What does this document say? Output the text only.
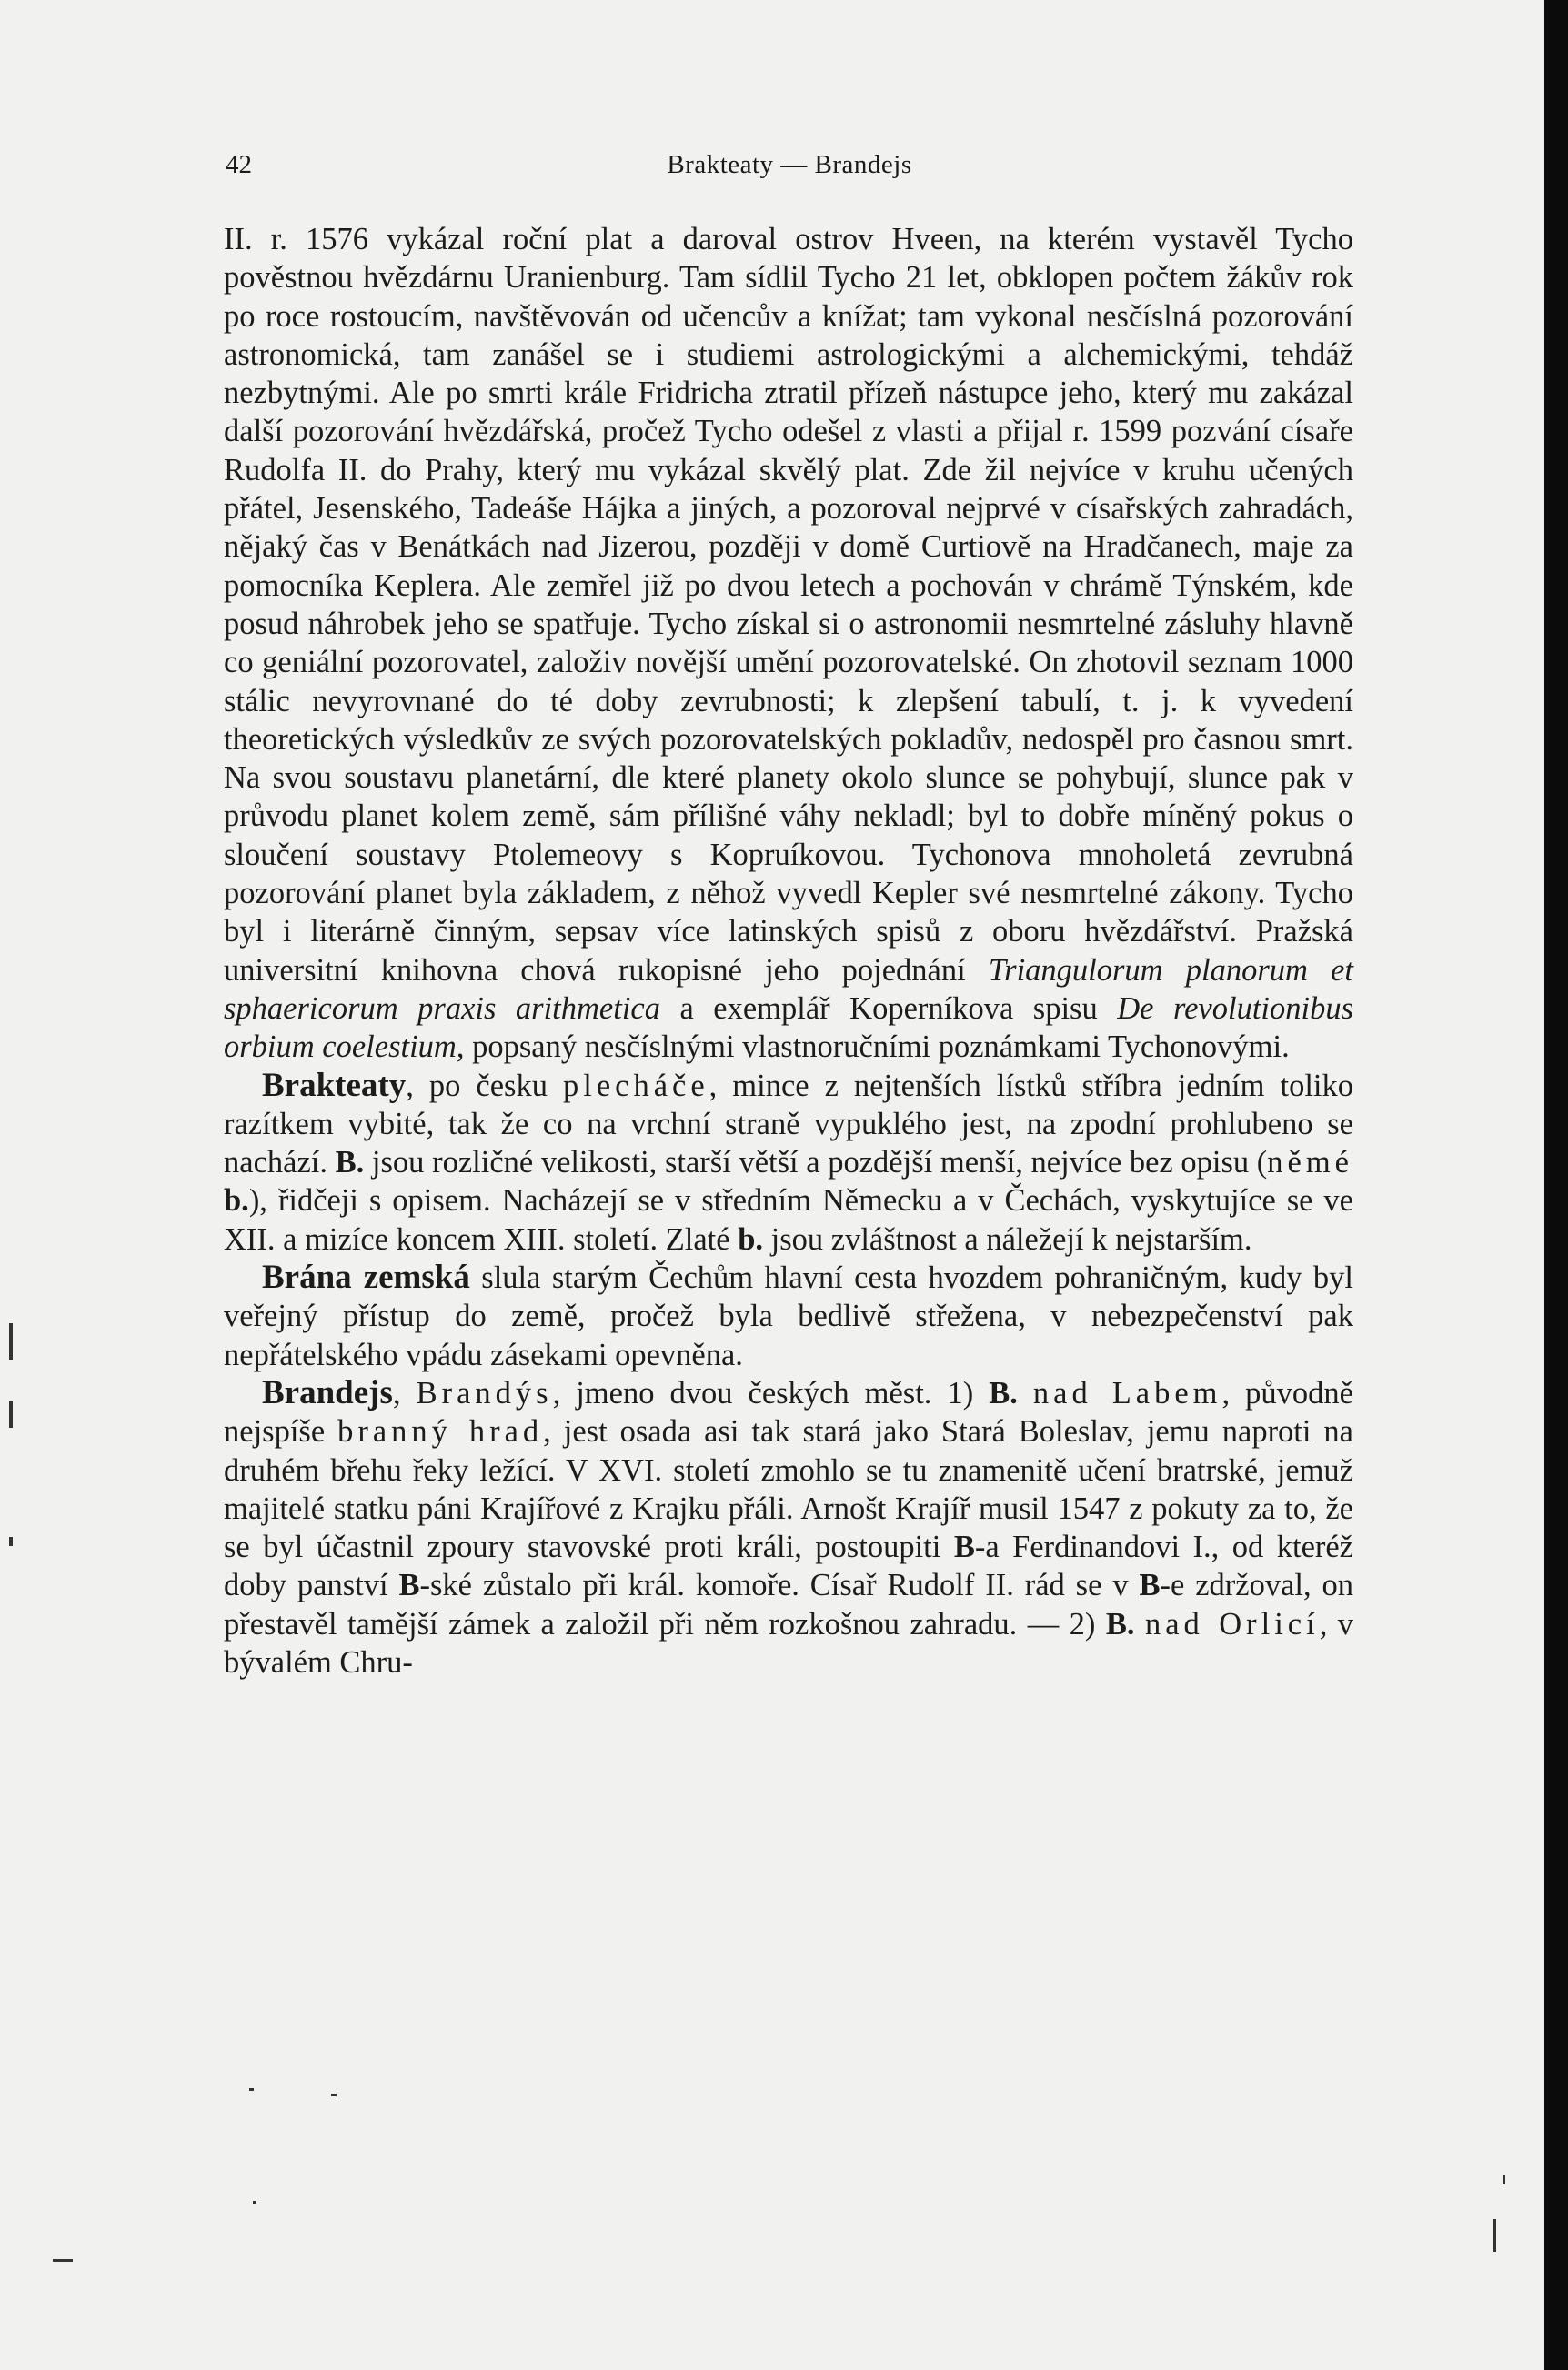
42	Brakteaty — Brandejs

II. r. 1576 vykázal roční plat a daroval ostrov Hveen, na kterém vystavěl Tycho pověstnou hvězdárnu Uranienburg. Tam sídlil Tycho 21 let, obklopen počtem žákův rok po roce rostoucím, navštěvován od učencův a knížat; tam vykonal nesčíslná pozorování astronomická, tam zanášel se i studiemi astrologickými a alchemickými, tehdáž nezbytnými. Ale po smrti krále Fridricha ztratil přízeň nástupce jeho, který mu zakázal další pozorování hvězdářská, pročež Tycho odešel z vlasti a přijal r. 1599 pozvání císaře Rudolfa II. do Prahy, který mu vykázal skvělý plat. Zde žil nejvíce v kruhu učených přátel, Jesenského, Tadeáše Hájka a jiných, a pozoroval nejprvé v císařských zahradách, nějaký čas v Benátkách nad Jizerou, později v domě Curtiově na Hradčanech, maje za pomocníka Keplera. Ale zemřel již po dvou letech a pochován v chrámě Týnském, kde posud náhrobek jeho se spatřuje. Tycho získal si o astronomii nesmrtelné zásluhy hlavně co geniální pozorovatel, založiv novější umění pozorovatelské. On zhotovil seznam 1000 stálic nevyrovnané do té doby zevrubnosti; k zlepšení tabulí, t. j. k vyvedení theoretických výsledkův ze svých pozorovatelských pokladův, nedospěl pro časnou smrt. Na svou soustavu planetární, dle které planety okolo slunce se pohybují, slunce pak v průvodu planet kolem země, sám přílišné váhy nekladl; byl to dobře míněný pokus o sloučení soustavy Ptolemeovy s Kopruíkovou. Tychonova mnoholetá zevrubná pozorování planet byla základem, z něhož vyvedl Kepler své nesmrtelné zákony. Tycho byl i literárně činným, sepsav více latinských spisů z oboru hvězdářství. Pražská universitní knihovna chová rukopisné jeho pojednání Triangulorum planorum et sphaericorum praxis arithmetica a exemplář Koperníkova spisu De revolutionibus orbium coelestium, popsaný nesčíslnými vlastnoručními poznámkami Tychonovými.

Brakteaty, po česku plecháče, mince z nejtenších lístků stříbra jedním toliko razítkem vybité, tak že co na vrchní straně vypuklého jest, na zpodní prohlubeno se nachází. B. jsou rozličné velikosti, starší větší a pozdější menší, nejvíce bez opisu (němé b.), řidčeji s opisem. Nacházejí se v středním Německu a v Čechách, vyskytujíce se ve XII. a mizíce koncem XIII. století. Zlaté b. jsou zvláštnost a náležejí k nejstarším.

Brána zemská slula starým Čechům hlavní cesta hvozdem pohraničným, kudy byl veřejný přístup do země, pročež byla bedlivě střežena, v nebezpečenství pak nepřátelského vpádu zásekami opevněna.

Brandejs, Brandýs, jmeno dvou českých měst. 1) B. nad Labem, původně nejspíše branný hrad, jest osada asi tak stará jako Stará Boleslav, jemu naproti na druhém břehu řeky ležící. V XVI. století zmohlo se tu znamenitě učení bratrské, jemuž majitelé statku páni Krajířové z Krajku přáli. Arnošt Krajíř musil 1547 z pokuty za to, že se byl účastnil zpoury stavovské proti králi, postoupiti B-a Ferdinandovi I., od kteréž doby panství B-ské zůstalo při král. komoře. Císař Rudolf II. rád se v B-e zdržoval, on přestavěl tamější zámek a založil při něm rozkošnou zahradu. — 2) B. nad Orlicí, v bývalém Chru-
